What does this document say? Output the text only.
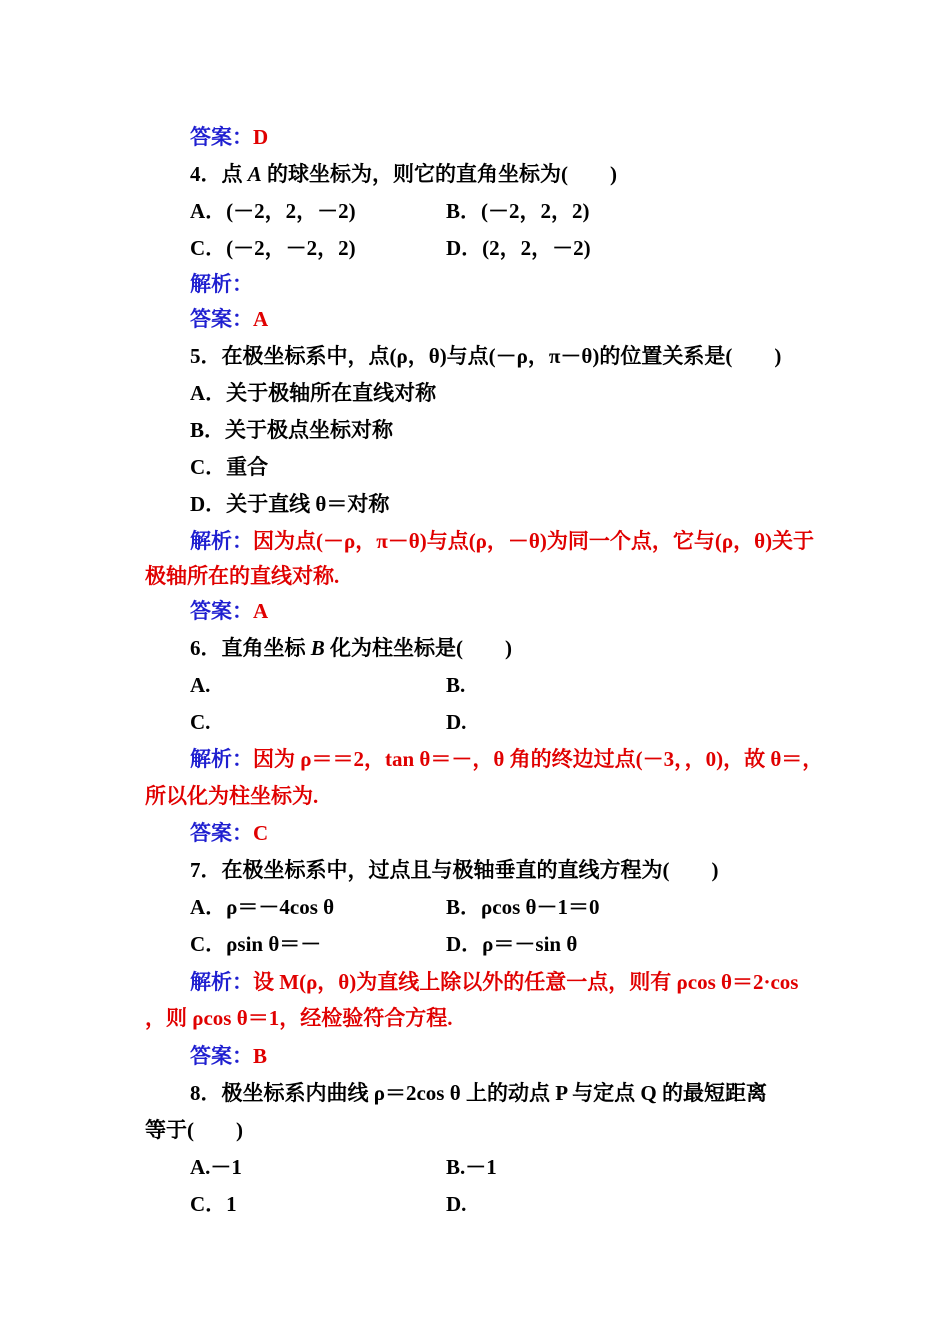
答案：D
4．点 A 的球坐标为，则它的直角坐标为(　　)
A．(－2，2，－2)	B．(－2，2，2)
C．(－2，－2，2)	D．(2，2，－2)
解析：
答案：A
5．在极坐标系中，点(ρ，θ)与点(－ρ，π－θ)的位置关系是(　　)
A．关于极轴所在直线对称
B．关于极点坐标对称
C．重合
D．关于直线 θ＝对称
解析：因为点(－ρ，π－θ)与点(ρ，－θ)为同一个点，它与(ρ，θ)关于
极轴所在的直线对称.
答案：A
6．直角坐标 B 化为柱坐标是(　　)
A.	B.
C.	D.
解析：因为 ρ＝＝2，tan θ＝－，θ 角的终边过点(－3，，0)，故 θ＝，
所以化为柱坐标为.
答案：C
7．在极坐标系中，过点且与极轴垂直的直线方程为(　　)
A．ρ＝－4cos θ	B．ρcos θ－1＝0
C．ρsin θ＝－	D．ρ＝－sin θ
解析：设 M(ρ，θ)为直线上除以外的任意一点，则有 ρcos θ＝2·cos
，则 ρcos θ＝1，经检验符合方程.
答案：B
8．极坐标系内曲线 ρ＝2cos θ 上的动点 P 与定点 Q 的最短距离
等于(　　)
A.－1	B.－1
C．1	D.
